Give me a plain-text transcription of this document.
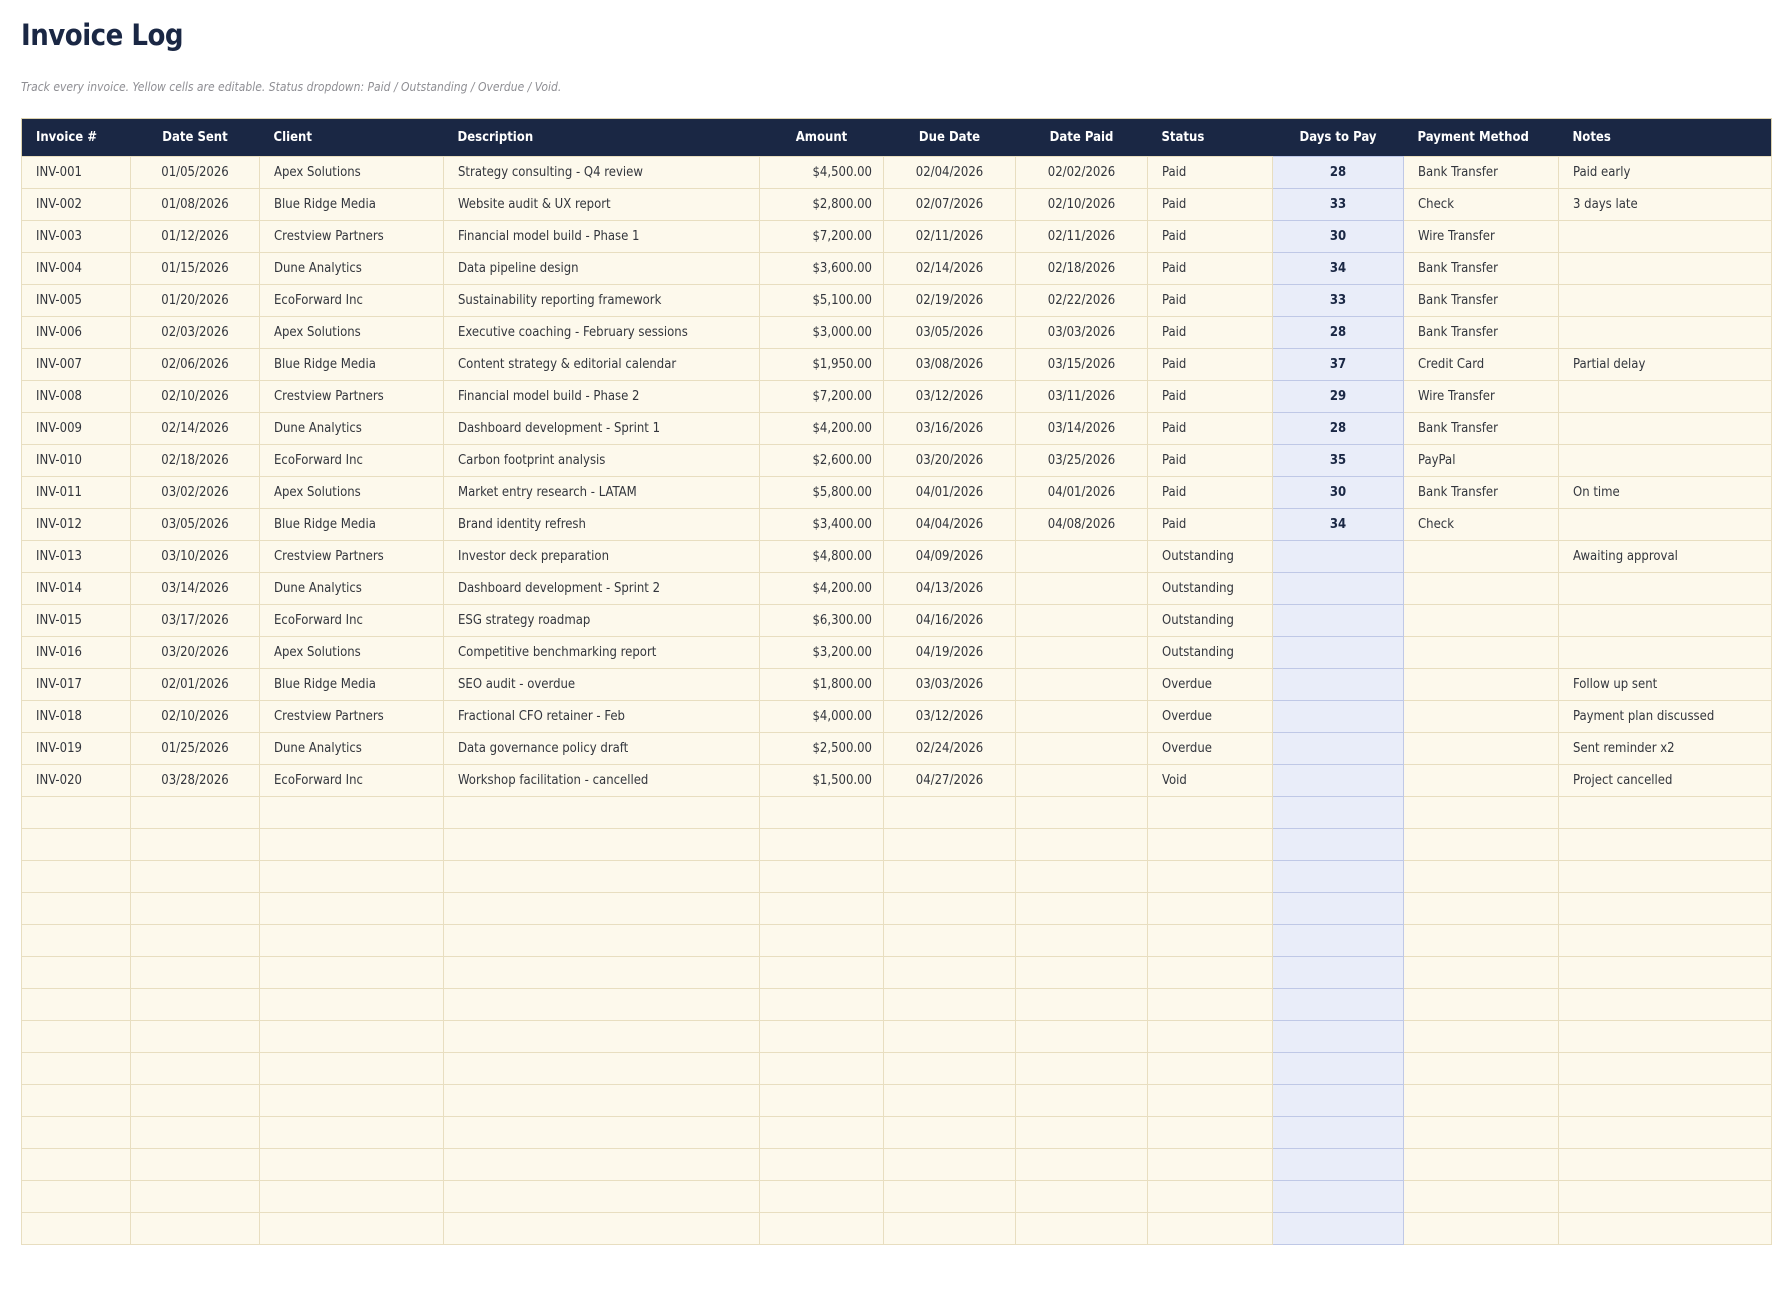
Invoice Log

Track every invoice. Yellow cells are editable. Status dropdown: Paid / Outstanding / Overdue / Void.

Invoice #	Date Sent	Client	Description	Amount	Due Date	Date Paid	Status	Days to Pay	Payment Method	Notes
INV-001	01/05/2026	Apex Solutions	Strategy consulting - Q4 review	$4,500.00	02/04/2026	02/02/2026	Paid	28	Bank Transfer	Paid early
INV-002	01/08/2026	Blue Ridge Media	Website audit & UX report	$2,800.00	02/07/2026	02/10/2026	Paid	33	Check	3 days late
INV-003	01/12/2026	Crestview Partners	Financial model build - Phase 1	$7,200.00	02/11/2026	02/11/2026	Paid	30	Wire Transfer	
INV-004	01/15/2026	Dune Analytics	Data pipeline design	$3,600.00	02/14/2026	02/18/2026	Paid	34	Bank Transfer	
INV-005	01/20/2026	EcoForward Inc	Sustainability reporting framework	$5,100.00	02/19/2026	02/22/2026	Paid	33	Bank Transfer	
INV-006	02/03/2026	Apex Solutions	Executive coaching - February sessions	$3,000.00	03/05/2026	03/03/2026	Paid	28	Bank Transfer	
INV-007	02/06/2026	Blue Ridge Media	Content strategy & editorial calendar	$1,950.00	03/08/2026	03/15/2026	Paid	37	Credit Card	Partial delay
INV-008	02/10/2026	Crestview Partners	Financial model build - Phase 2	$7,200.00	03/12/2026	03/11/2026	Paid	29	Wire Transfer	
INV-009	02/14/2026	Dune Analytics	Dashboard development - Sprint 1	$4,200.00	03/16/2026	03/14/2026	Paid	28	Bank Transfer	
INV-010	02/18/2026	EcoForward Inc	Carbon footprint analysis	$2,600.00	03/20/2026	03/25/2026	Paid	35	PayPal	
INV-011	03/02/2026	Apex Solutions	Market entry research - LATAM	$5,800.00	04/01/2026	04/01/2026	Paid	30	Bank Transfer	On time
INV-012	03/05/2026	Blue Ridge Media	Brand identity refresh	$3,400.00	04/04/2026	04/08/2026	Paid	34	Check	
INV-013	03/10/2026	Crestview Partners	Investor deck preparation	$4,800.00	04/09/2026		Outstanding			Awaiting approval
INV-014	03/14/2026	Dune Analytics	Dashboard development - Sprint 2	$4,200.00	04/13/2026		Outstanding			
INV-015	03/17/2026	EcoForward Inc	ESG strategy roadmap	$6,300.00	04/16/2026		Outstanding			
INV-016	03/20/2026	Apex Solutions	Competitive benchmarking report	$3,200.00	04/19/2026		Outstanding			
INV-017	02/01/2026	Blue Ridge Media	SEO audit - overdue	$1,800.00	03/03/2026		Overdue			Follow up sent
INV-018	02/10/2026	Crestview Partners	Fractional CFO retainer - Feb	$4,000.00	03/12/2026		Overdue			Payment plan discussed
INV-019	01/25/2026	Dune Analytics	Data governance policy draft	$2,500.00	02/24/2026		Overdue			Sent reminder x2
INV-020	03/28/2026	EcoForward Inc	Workshop facilitation - cancelled	$1,500.00	04/27/2026		Void			Project cancelled
